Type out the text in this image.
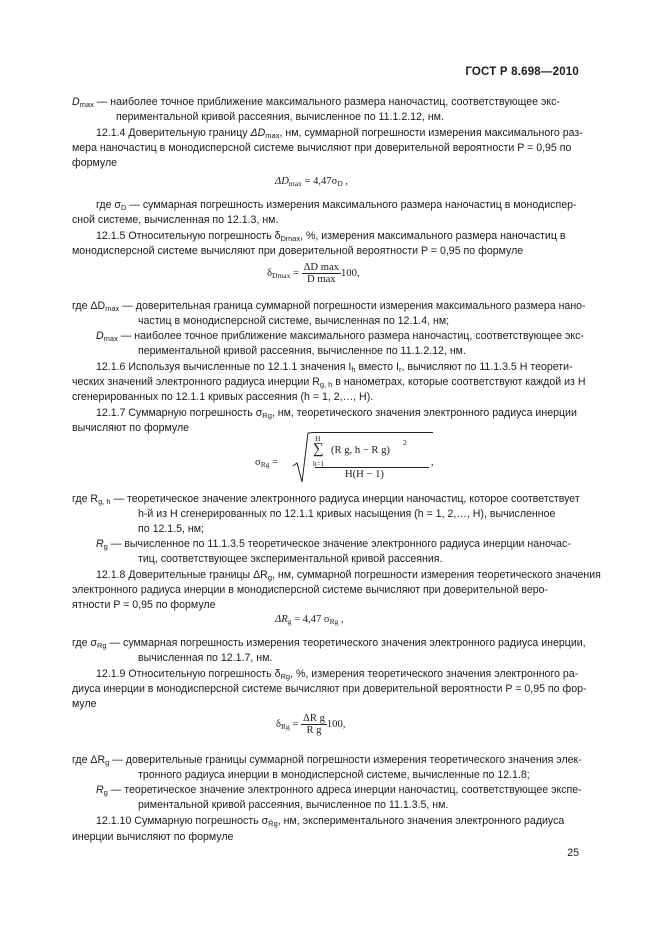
ГОСТ Р 8.698—2010
$D_{max}$ — наиболее точное приближение максимального размера наночастиц, соответствующее экс-
периментальной кривой рассеяния, вычисленное по 11.1.2.12, нм.
12.1.4 Доверительную границу $\Delta D_{max}$, нм, суммарной погрешности измерения максимального раз-
мера наночастиц в монодисперсной системе вычисляют при доверительной вероятности P = 0,95 по
формуле
$\Delta D_{max} = 4,47\sigma_D$ ,
где $\sigma_D$ — суммарная погрешность измерения максимального размера наночастиц в монодиспер-
сной системе, вычисленная по 12.1.3, нм.
12.1.5 Относительную погрешность $\delta_{Dmax}$, %, измерения максимального размера наночастиц в
монодисперсной системе вычисляют при доверительной вероятности P = 0,95 по формуле
$\delta_{Dmax} = \frac{\text{ΔD max}}{\text{D max}} 100$,
где $\Delta D_{max}$ — доверительная граница суммарной погрешности измерения максимального размера нано-
частиц в монодисперсной системе, вычисленная по 12.1.4, нм;
$D_{max}$ — наиболее точное приближение максимального размера наночастиц, соответствующее экс-
периментальной кривой рассеяния, вычисленное по 11.1.2.12, нм.
12.1.6 Используя вычисленные по 12.1.1 значения $I_h$ вместо $I_r$, вычисляют по 11.1.3.5 H теорети-
ческих значений электронного радиуса инерции $R_{g, h}$ в нанометрах, которые соответствуют каждой из H
сгенерированных по 12.1.1 кривых рассеяния (h = 1, 2,…, H).
12.1.7 Суммарную погрешность $\sigma_{Rg}$, нм, теоретического значения электронного радиуса инерции
вычисляют по формуле
$\sigma_{Rg}$ =
H
∑
h=1
(R g, h − R g)
2
H(H − 1)
,
где $R_{g, h}$ — теоретическое значение электронного радиуса инерции наночастиц, которое соответствует
h-й из H сгенерированных по 12.1.1 кривых насыщения (h = 1, 2,…, H), вычисленное
по 12.1.5, нм;
$R_g$ — вычисленное по 11.1.3.5 теоретическое значение электронного радиуса инерции наночас-
тиц, соответствующее экспериментальной кривой рассеяния.
12.1.8 Доверительные границы $\Delta R_g$, нм, суммарной погрешности измерения теоретического значения
электронного радиуса инерции в монодисперсной системе вычисляют при доверительной веро-
ятности P = 0,95 по формуле
$\Delta R_g = 4,47$ $\sigma_{Rg}$ ,
где $\sigma_{Rg}$ — суммарная погрешность измерения теоретического значения электронного радиуса инерции,
вычисленная по 12.1.7, нм.
12.1.9 Относительную погрешность $\delta_{Rg}$, %, измерения теоретического значения электронного ра-
диуса инерции в монодисперсной системе вычисляют при доверительной вероятности P = 0,95 по фор-
муле
$\delta_{Rg} = \frac{\text{ΔR g}}{\text{R g}} 100$,
где $\Delta R_g$ — доверительные границы суммарной погрешности измерения теоретического значения элек-
тронного радиуса инерции в монодисперсной системе, вычисленные по 12.1.8;
$R_g$ — теоретическое значение электронного адреса инерции наночастиц, соответствующее экспе-
риментальной кривой рассеяния, вычисленное по 11.1.3.5, нм.
12.1.10 Суммарную погрешность $\sigma_{R̂g}$, нм, экспериментального значения электронного радиуса
инерции вычисляют по формуле
25
